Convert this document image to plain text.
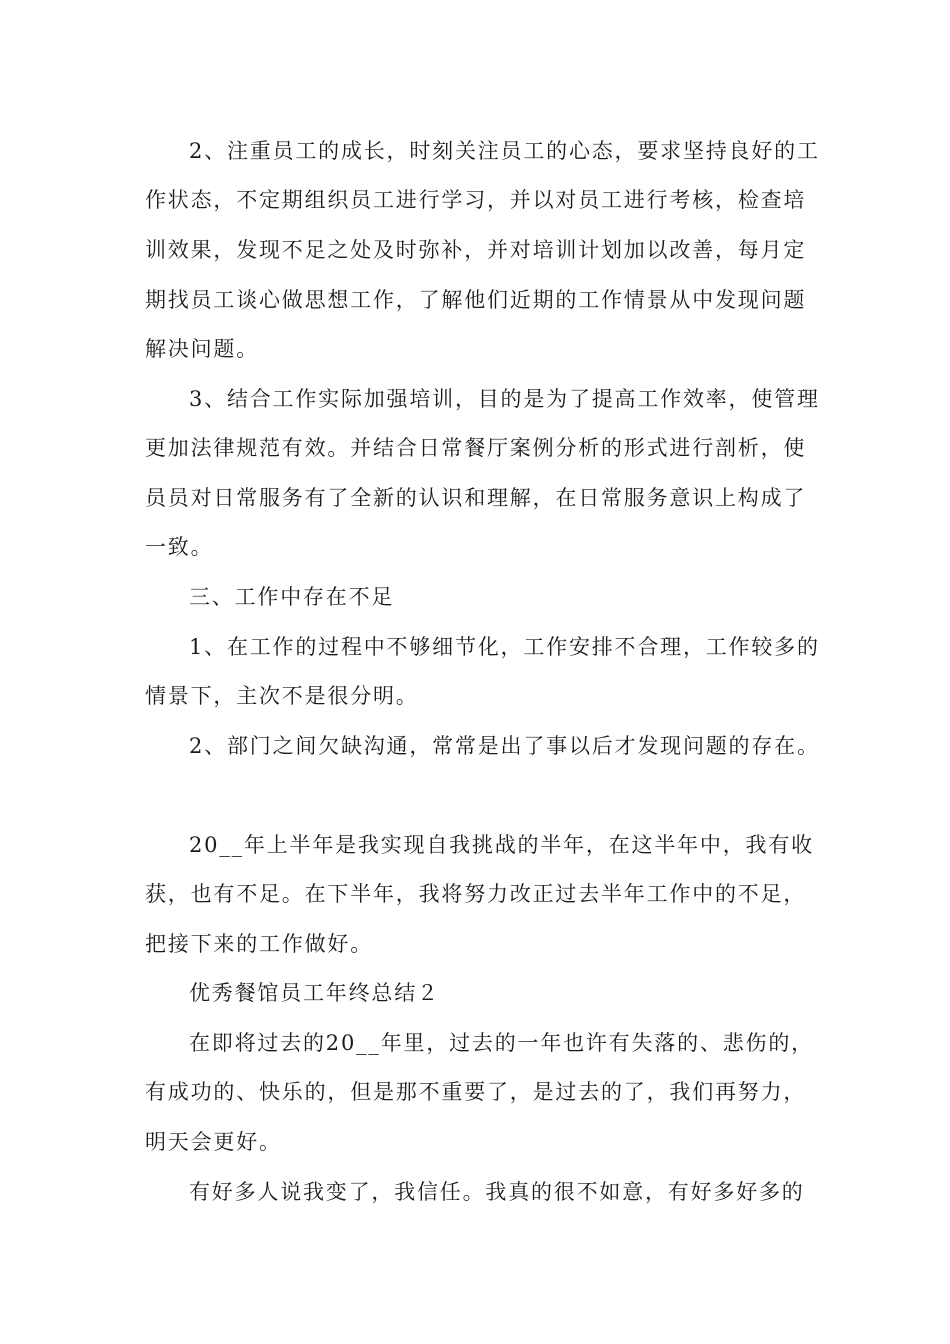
2、注重员工的成长，时刻关注员工的心态，要求坚持良好的工
作状态，不定期组织员工进行学习，并以对员工进行考核，检查培
训效果，发现不足之处及时弥补，并对培训计划加以改善，每月定
期找员工谈心做思想工作，了解他们近期的工作情景从中发现问题
解决问题。
3、结合工作实际加强培训，目的是为了提高工作效率，使管理
更加法律规范有效。并结合日常餐厅案例分析的形式进行剖析，使
员员对日常服务有了全新的认识和理解，在日常服务意识上构成了
一致。
三、工作中存在不足
1、在工作的过程中不够细节化，工作安排不合理，工作较多的
情景下，主次不是很分明。
2、部门之间欠缺沟通，常常是出了事以后才发现问题的存在。
20__年上半年是我实现自我挑战的半年，在这半年中，我有收
获，也有不足。在下半年，我将努力改正过去半年工作中的不足，
把接下来的工作做好。
优秀餐馆员工年终总结２
在即将过去的20__年里，过去的一年也许有失落的、悲伤的，
有成功的、快乐的，但是那不重要了，是过去的了，我们再努力，
明天会更好。
有好多人说我变了，我信任。我真的很不如意，有好多好多的
